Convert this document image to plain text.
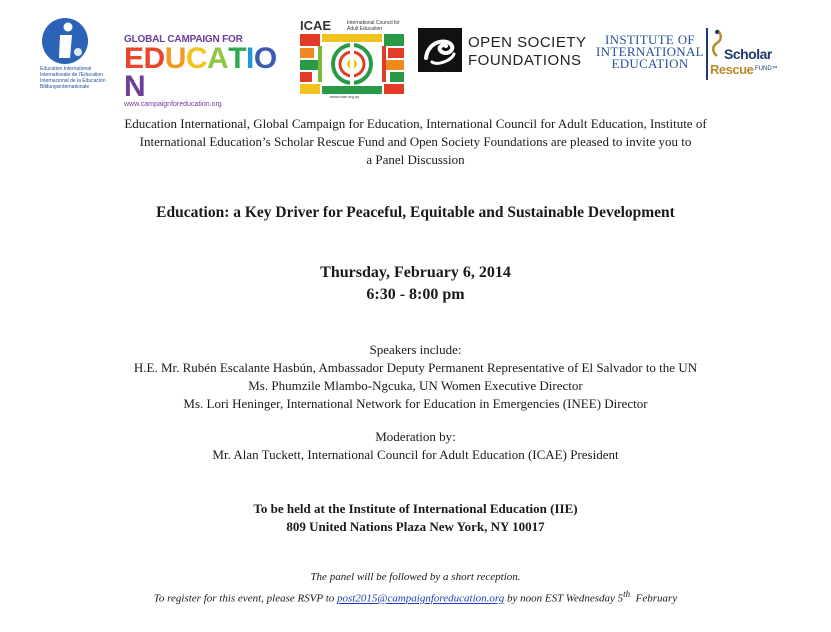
Education International
Internationale de l'Education
Internacional de la Educación
Bildungsinternationale
GLOBAL CAMPAIGN FOR
EDUCATION
www.campaignforeducation.org
ICAE	International Council for
Adult Education
www.icae.org.uy
OPEN SOCIETY
FOUNDATIONS
INSTITUTE OF
INTERNATIONAL
EDUCATION
Scholar
Rescue FUND™
Education International, Global Campaign for Education, International Council for Adult Education, Institute of
International Education’s Scholar Rescue Fund and Open Society Foundations are pleased to invite you to
a Panel Discussion
Education: a Key Driver for Peaceful, Equitable and Sustainable Development
Thursday, February 6, 2014
6:30 - 8:00 pm
Speakers include:
H.E. Mr. Rubén Escalante Hasbún, Ambassador Deputy Permanent Representative of El Salvador to the UN
Ms. Phumzile Mlambo-Ngcuka, UN Women Executive Director
Ms. Lori Heninger, International Network for Education in Emergencies (INEE) Director
Moderation by:
Mr. Alan Tuckett, International Council for Adult Education (ICAE) President
To be held at the Institute of International Education (IIE)
809 United Nations Plaza New York, NY 10017
The panel will be followed by a short reception.
To register for this event, please RSVP to post2015@campaignforeducation.org by noon EST Wednesday 5th  February
